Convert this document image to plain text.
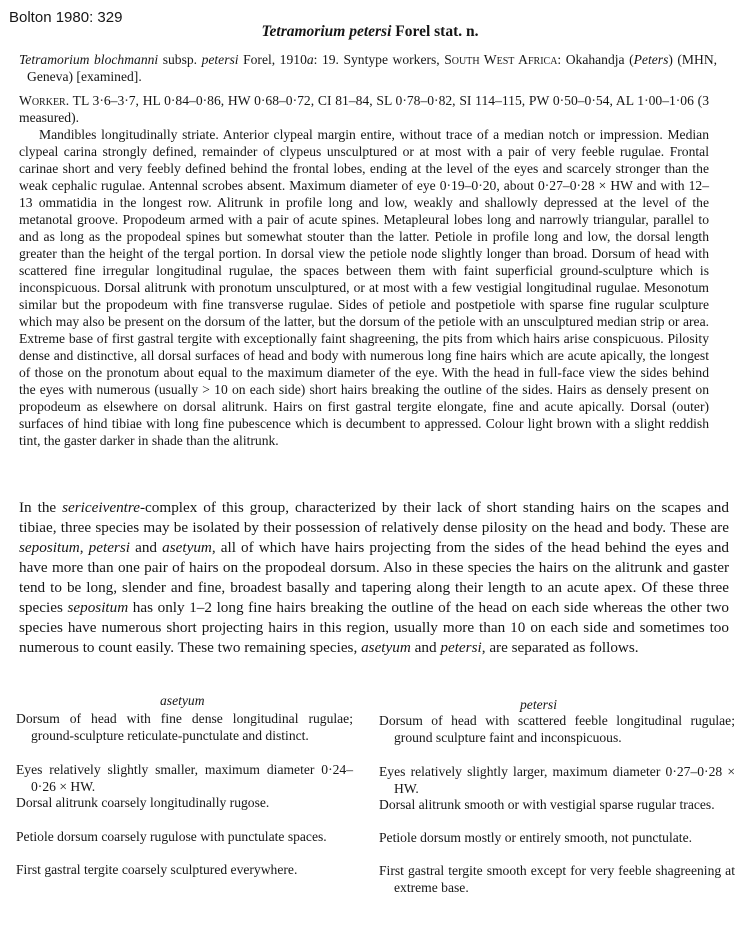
Bolton 1980: 329
Tetramorium petersi Forel stat. n.
Tetramorium blochmanni subsp. petersi Forel, 1910a: 19. Syntype workers, South West Africa: Okahandja (Peters) (MHN, Geneva) [examined].

Worker. TL 3·6–3·7, HL 0·84–0·86, HW 0·68–0·72, CI 81–84, SL 0·78–0·82, SI 114–115, PW 0·50–0·54, AL 1·00–1·06 (3 measured).

Mandibles longitudinally striate. Anterior clypeal margin entire, without trace of a median notch or impression. Median clypeal carina strongly defined, remainder of clypeus unsculptured or at most with a pair of very feeble rugulae. Frontal carinae short and very feebly defined behind the frontal lobes, ending at the level of the eyes and scarcely stronger than the weak cephalic rugulae. Antennal scrobes absent. Maximum diameter of eye 0·19–0·20, about 0·27–0·28 × HW and with 12–13 ommatidia in the longest row. Alitrunk in profile long and low, weakly and shallowly depressed at the level of the metanotal groove. Propodeum armed with a pair of acute spines. Metapleural lobes long and narrowly triangular, parallel to and as long as the propodeal spines but somewhat stouter than the latter. Petiole in profile long and low, the dorsal length greater than the height of the tergal portion. In dorsal view the petiole node slightly longer than broad. Dorsum of head with scattered fine irregular longitudinal rugulae, the spaces between them with faint superficial ground-sculpture which is inconspicuous. Dorsal alitrunk with pronotum unsculptured, or at most with a few vestigial longitudinal rugulae. Mesonotum similar but the propodeum with fine transverse rugulae. Sides of petiole and postpetiole with sparse fine rugular sculpture which may also be present on the dorsum of the latter, but the dorsum of the petiole with an unsculptured median strip or area. Extreme base of first gastral tergite with exceptionally faint shagreening, the pits from which hairs arise conspicuous. Pilosity dense and distinctive, all dorsal surfaces of head and body with numerous long fine hairs which are acute apically, the longest of those on the pronotum about equal to the maximum diameter of the eye. With the head in full-face view the sides behind the eyes with numerous (usually > 10 on each side) short hairs breaking the outline of the sides. Hairs as densely present on propodeum as elsewhere on dorsal alitrunk. Hairs on first gastral tergite elongate, fine and acute apically. Dorsal (outer) surfaces of hind tibiae with long fine pubescence which is decumbent to appressed. Colour light brown with a slight reddish tint, the gaster darker in shade than the alitrunk.

In the sericeiventre-complex of this group, characterized by their lack of short standing hairs on the scapes and tibiae, three species may be isolated by their possession of relatively dense pilosity on the head and body. These are sepositum, petersi and asetyum, all of which have hairs projecting from the sides of the head behind the eyes and have more than one pair of hairs on the propodeal dorsum. Also in these species the hairs on the alitrunk and gaster tend to be long, slender and fine, broadest basally and tapering along their length to an acute apex. Of these three species sepositum has only 1–2 long fine hairs breaking the outline of the head on each side whereas the other two species have numerous short projecting hairs in this region, usually more than 10 on each side and sometimes too numerous to count easily. These two remaining species, asetyum and petersi, are separated as follows.
asetyum	petersi
Dorsum of head with fine dense longitudinal rugulae; ground-sculpture reticulate-punctulate and distinct.
Eyes relatively slightly smaller, maximum diameter 0·24–0·26 × HW.
Dorsal alitrunk coarsely longitudinally rugose.
Petiole dorsum coarsely rugulose with punctulate spaces.
First gastral tergite coarsely sculptured everywhere.
Dorsum of head with scattered feeble longitudinal rugulae; ground sculpture faint and inconspicuous.
Eyes relatively slightly larger, maximum diameter 0·27–0·28 × HW.
Dorsal alitrunk smooth or with vestigial sparse rugular traces.
Petiole dorsum mostly or entirely smooth, not punctulate.
First gastral tergite smooth except for very feeble shagreening at extreme base.
